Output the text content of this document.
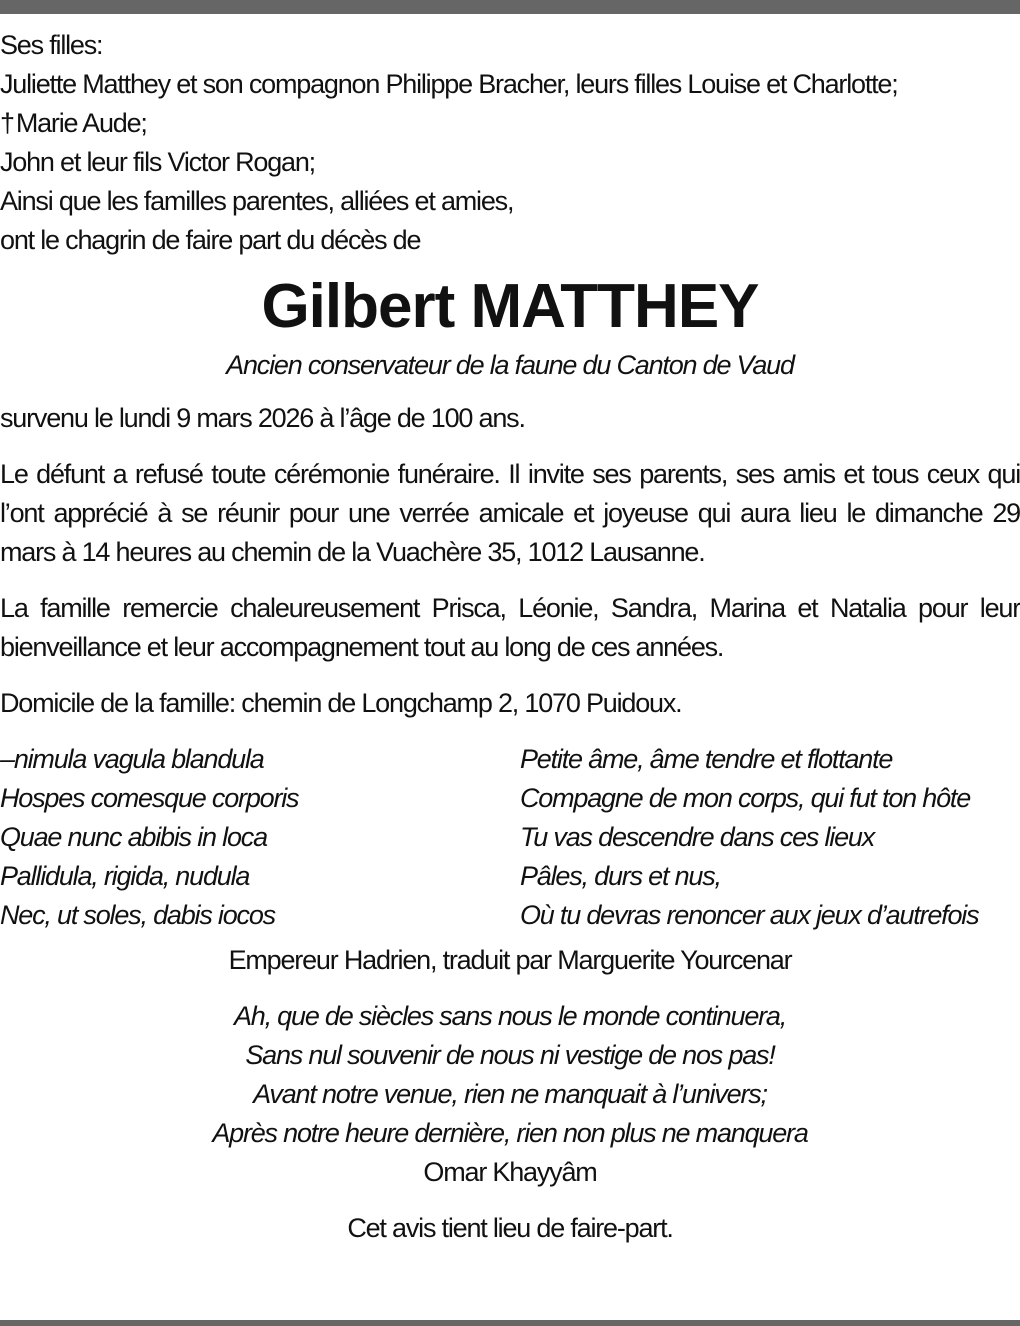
Ses filles:
Juliette Matthey et son compagnon Philippe Bracher, leurs filles Louise et Charlotte;
†Marie Aude;
John et leur fils Victor Rogan;
Ainsi que les familles parentes, alliées et amies,
ont le chagrin de faire part du décès de
Gilbert MATTHEY
Ancien conservateur de la faune du Canton de Vaud

survenu le lundi 9 mars 2026 à l’âge de 100 ans.

Le défunt a refusé toute cérémonie funéraire. Il invite ses parents, ses amis et tous ceux qui l’ont apprécié à se réunir pour une verrée amicale et joyeuse qui aura lieu le dimanche 29 mars à 14 heures au chemin de la Vuachère 35, 1012 Lausanne.

La famille remercie chaleureusement Prisca, Léonie, Sandra, Marina et Natalia pour leur bienveillance et leur accompagnement tout au long de ces années.

Domicile de la famille: chemin de Longchamp 2, 1070 Puidoux.

–nimula vagula blandula
Hospes comesque corporis
Quae nunc abibis in loca
Pallidula, rigida, nudula
Nec, ut soles, dabis iocos
Petite âme, âme tendre et flottante
Compagne de mon corps, qui fut ton hôte
Tu vas descendre dans ces lieux
Pâles, durs et nus,
Où tu devras renoncer aux jeux d’autrefois
Empereur Hadrien, traduit par Marguerite Yourcenar
Ah, que de siècles sans nous le monde continuera,
Sans nul souvenir de nous ni vestige de nos pas!
Avant notre venue, rien ne manquait à l’univers;
Après notre heure dernière, rien non plus ne manquera
Omar Khayyâm
Cet avis tient lieu de faire-part.
